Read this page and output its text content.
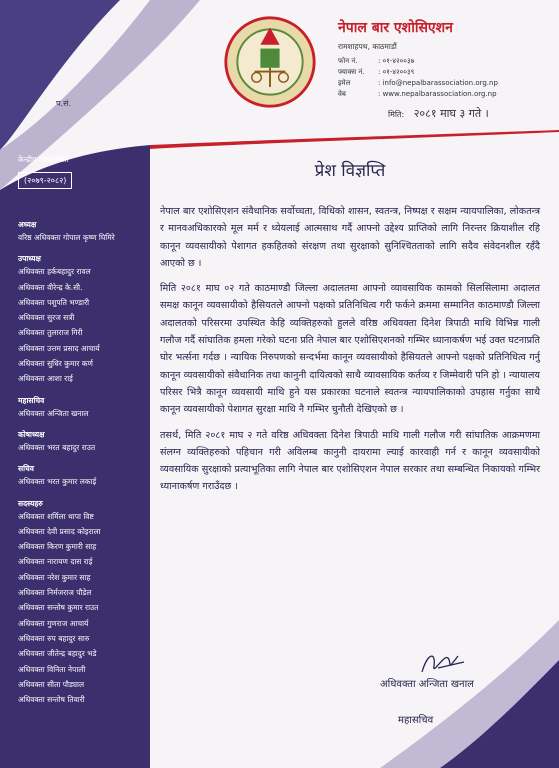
नेपाल बार एशोसिएशन
रामशाहपथ, काठमाडौं
फोन नं.	: ०१-४२००३७
फ्याक्स नं.	: ०१-४२००३९
इमेल	: info@nepalbarassociation.org.np
वेब	: www.nepalbarassociation.org.np
प.सं.
मिति: २०८१ माघ ३ गते ।
केन्द्रीय कार्यसमिति
(२०७९-२०८२)
अध्यक्ष
वरिष्ठ अधिवक्ता गोपाल कृष्ण घिमिरे
उपाध्यक्ष
अधिवक्ता हर्कबहादुर रावल
अधिवक्ता वीरेन्द्र के.सी.
अधिवक्ता पशुपति भण्डारी
अधिवक्ता सुरज सत्री
अधिवक्ता तुलाराज गिरी
अधिवक्ता उत्तम प्रसाद आचार्य
अधिवक्ता सुधिर कुमार कर्ण
अधिवक्ता आशा राई
महासचिव
अधिवक्ता अन्जिता खनाल
कोषाध्यक्ष
अधिवक्ता भरत बहादुर राउत
सचिव
अधिवक्ता भरत कुमार लकाई
सदस्यहरु
अधिवक्ता शर्मिला थापा विष्ट
अधिवक्ता देवी प्रसाद कोइराला
अधिवक्ता किरण कुमारी साह
अधिवक्ता नारायण दास राई
अधिवक्ता नरेश कुमार साह
अधिवक्ता निर्मजराज पौडेल
अधिवक्ता सन्तोष कुमार राउत
अधिवक्ता गुणराज आचार्य
अधिवक्ता रुप बहादुर सारु
अधिवक्ता जीतेन्द्र बहादुर भडे
अधिवक्ता विनिता नेपाली
अधिवक्ता सीता पौड्याल
अधिवक्ता सन्तोष तिवारी
प्रेश विज्ञप्ति

नेपाल बार एशोसिएशन संवैधानिक सर्वोच्चता, विधिको शासन, स्वतन्त्र, निष्पक्ष र सक्षम न्यायपालिका, लोकतन्त्र र मानवअधिकारको मूल मर्म र ध्येयलाई आत्मसाथ गर्दै आफ्नो उद्देश्य प्राप्तिको लागि निरन्तर क्रियाशील रहि कानून व्यवसायीको पेशागत हकहितको संरक्षण तथा सुरक्षाको सुनिश्चितताको लागि सदैव संवेदनशील रहँदै आएको छ ।

मिति २०८१ माघ ०२ गते काठमाण्डौ जिल्ला अदालतमा आफ्नो व्यावसायिक कामको सिलसिलामा अदालत समक्ष कानून व्यवसायीको हैसियतले आफ्नो पक्षको प्रतिनिधित्व गरी फर्कने क्रममा सम्मानित काठमाण्डौ जिल्ला अदालतको परिसरमा उपस्थित केहि व्यक्तिहरुको हुलले वरिष्ठ अधिवक्ता दिनेश त्रिपाठी माथि विभिन्न गाली गलौज गर्दै सांघातिक हमला गरेको घटना प्रति नेपाल बार एशोसिएशनको गम्भिर ध्यानाकर्षण भई उक्त घटनाप्रति घोर भर्त्सना गर्दछ । न्यायिक निरुपणको सन्दर्भमा कानून व्यवसायीको हैसियतले आफ्नो पक्षको प्रतिनिधित्व गर्नु कानून व्यवसायीको संवैधानिक तथा कानुनी दायित्वको साथै व्यावसायिक कर्तव्य र जिम्मेवारी पनि हो । न्यायालय परिसर भित्रै कानून व्यवसायी माथि हुने यस प्रकारका घटनाले स्वतन्त्र न्यायपालिकाको उपहास गर्नुका साथै कानून व्यवसायीको पेशागत सुरक्षा माथि नै गम्भिर चुनौती देखिएको छ ।

तसर्थ, मिति २०८१ माघ २ गते वरिष्ठ अधिवक्ता दिनेश त्रिपाठी माथि गाली गलौज गरी सांघातिक आक्रमणमा संलग्न व्यक्तिहरुको पहिचान गरी अविलम्ब कानुनी दायरामा ल्याई कारवाही गर्न र कानून व्यवसायीको व्यवसायिक सुरक्षाको प्रत्याभूतिका लागि नेपाल बार एशोसिएशन नेपाल सरकार तथा सम्बन्धित निकायको गम्भिर ध्यानाकर्षण गराउँदछ ।

अधिवक्ता अन्जिता खनाल
महासचिव
